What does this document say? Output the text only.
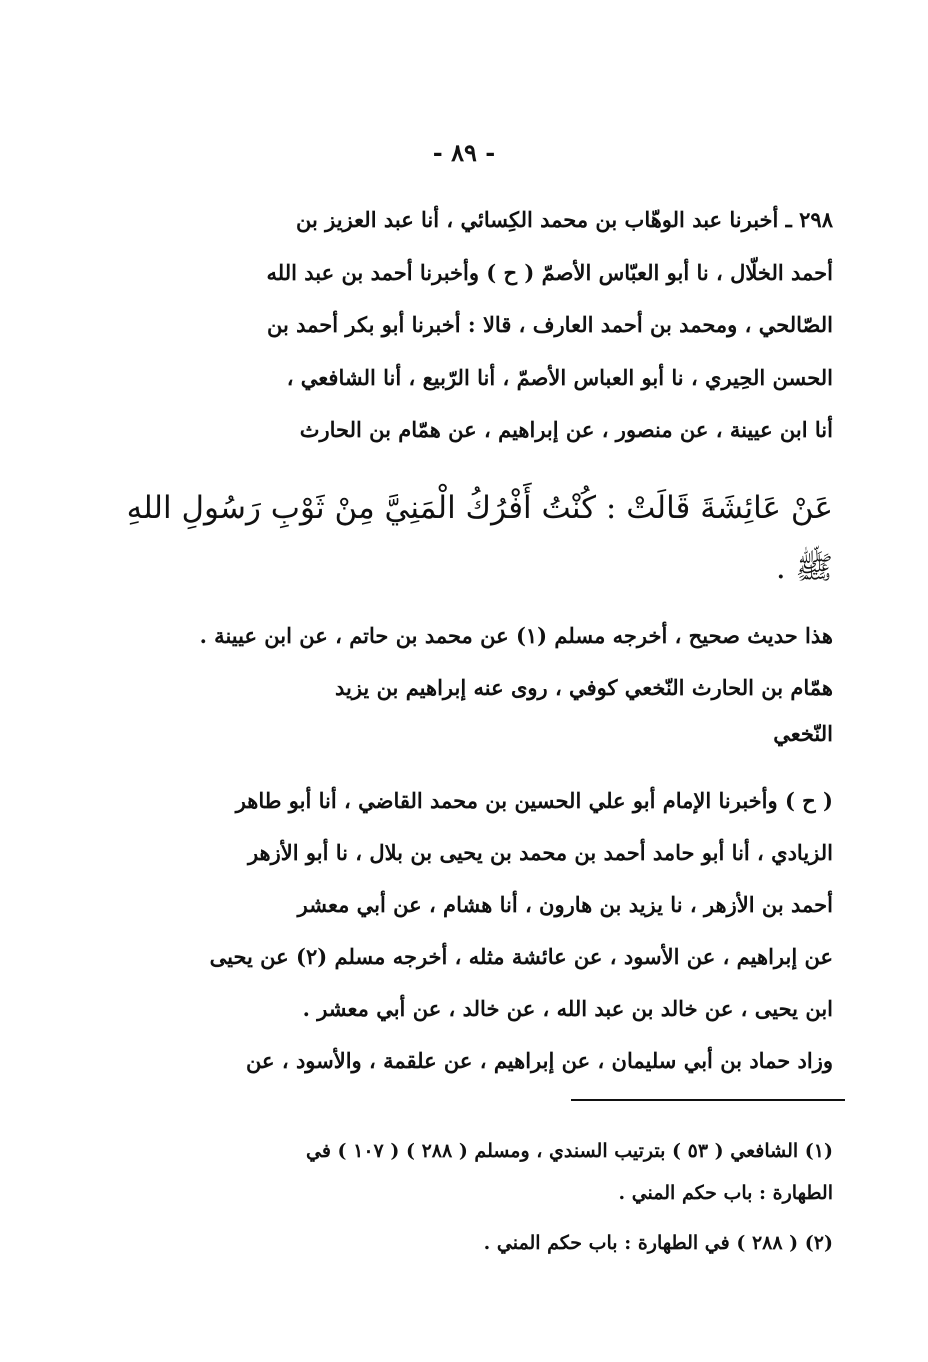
- ٨٩ -
٢٩٨ ـ أخبرنا عبد الوهّاب بن محمد الكِسائي ، أنا عبد العزيز بن
أحمد الخلّال ، نا أبو العبّاس الأصمّ ( ح ) وأخبرنا أحمد بن عبد الله
الصّالحي ، ومحمد بن أحمد العارف ، قالا : أخبرنا أبو بكر أحمد بن
الحسن الحِيري ، نا أبو العباس الأصمّ ، أنا الرّبيع ، أنا الشافعي ،
أنا ابن عيينة ، عن منصور ، عن إبراهيم ، عن همّام بن الحارث
عَنْ عَائِشَةَ قَالَتْ : كُنْتُ أَفْرُكُ الْمَنِيَّ مِنْ ثَوْبِ رَسُولِ اللهِ
ﷺ .
هذا حديث صحيح ، أخرجه مسلم (١) عن محمد بن حاتم ، عن ابن عيينة .
همّام بن الحارث النّخعي كوفي ، روى عنه إبراهيم بن يزيد
النّخعي
( ح ) وأخبرنا الإمام أبو علي الحسين بن محمد القاضي ، أنا أبو طاهر
الزيادي ، أنا أبو حامد أحمد بن محمد بن يحيى بن بلال ، نا أبو الأزهر
أحمد بن الأزهر ، نا يزيد بن هارون ، أنا هشام ، عن أبي معشر
عن إبراهيم ، عن الأسود ، عن عائشة مثله ، أخرجه مسلم (٢) عن يحيى
ابن يحيى ، عن خالد بن عبد الله ، عن خالد ، عن أبي معشر .
وزاد حماد بن أبي سليمان ، عن إبراهيم ، عن علقمة ، والأسود ، عن
(١) الشافعي ( ٥٣ ) بترتيب السندي ، ومسلم ( ٢٨٨ ) ( ١٠٧ ) في
الطهارة : باب حكم المني .
(٢) ( ٢٨٨ ) في الطهارة : باب حكم المني .
